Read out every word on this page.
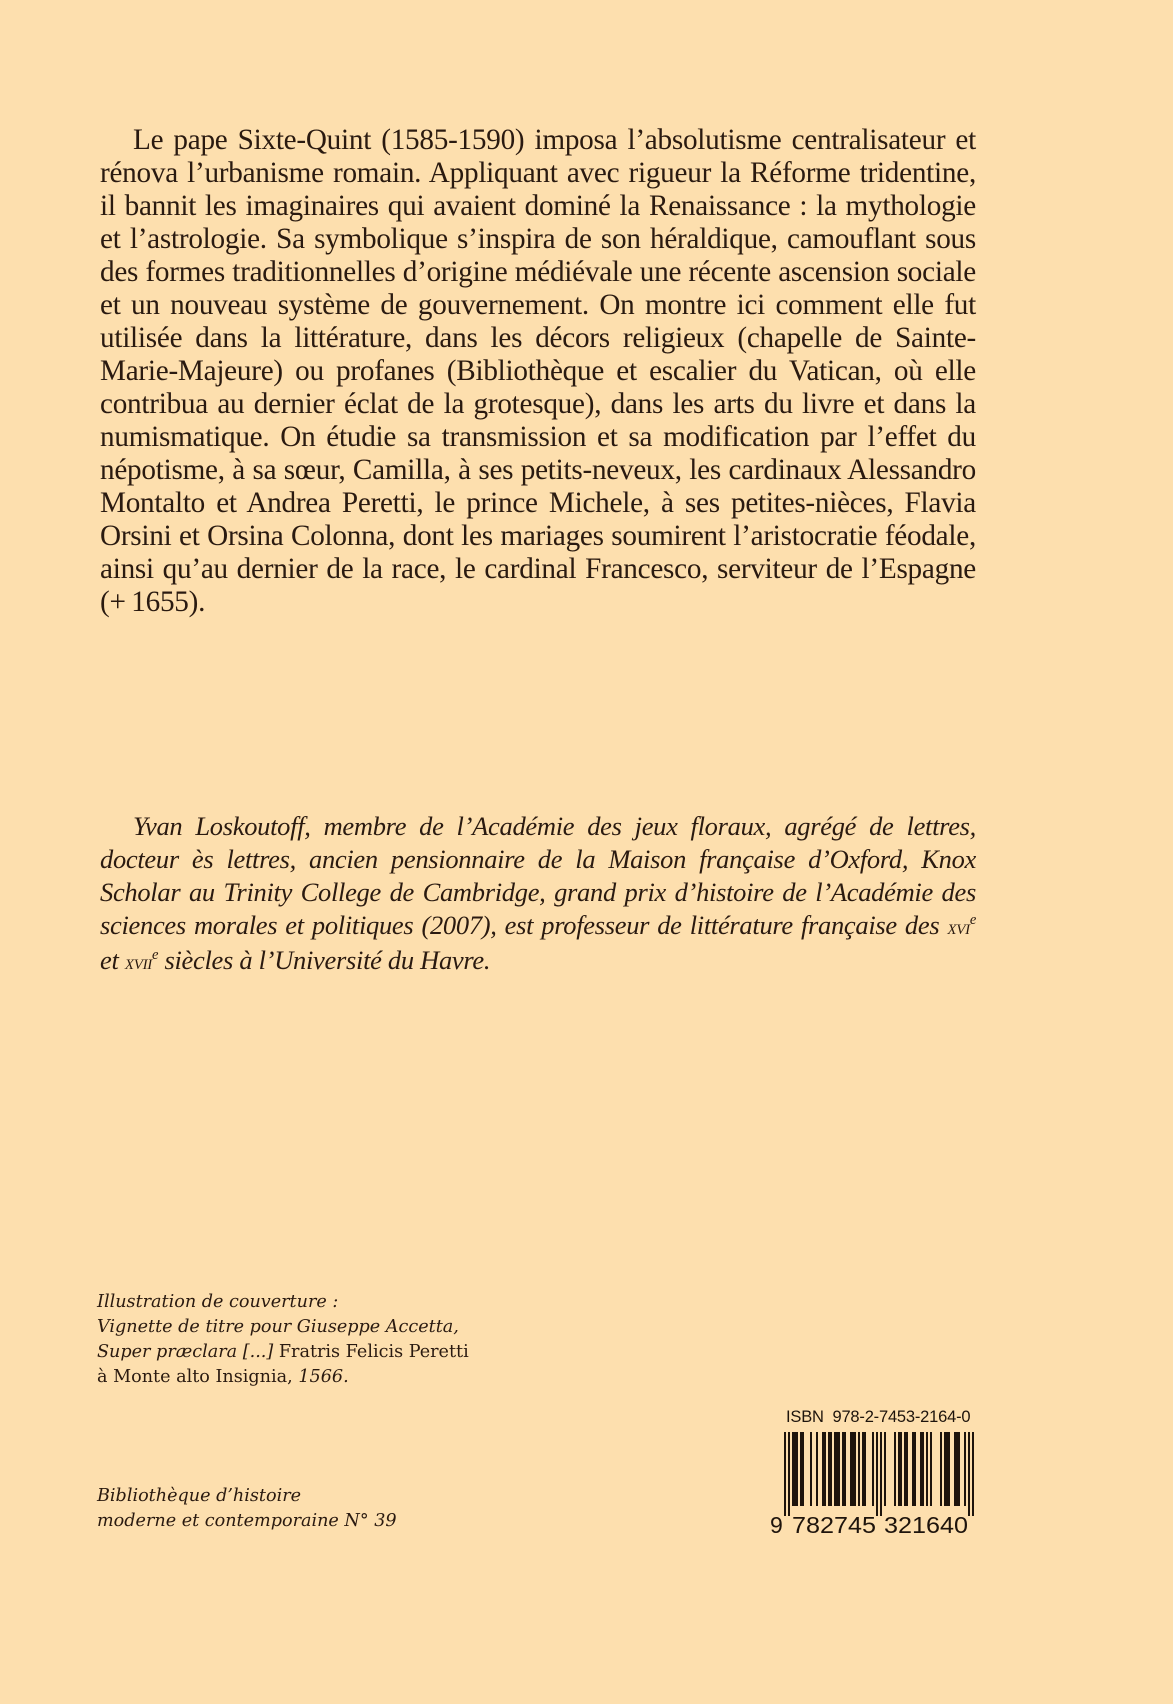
Le pape Sixte-Quint (1585-1590) imposa l’absolutisme centralisateur et rénova l’urbanisme romain. Appliquant avec rigueur la Réforme tridentine, il bannit les imaginaires qui avaient dominé la Renaissance : la mythologie et l’astrologie. Sa symbolique s’inspira de son héraldique, camouflant sous des formes traditionnelles d’origine médiévale une récente ascension sociale et un nouveau système de gouvernement. On montre ici comment elle fut utilisée dans la littérature, dans les décors religieux (chapelle de Sainte-Marie-Majeure) ou profanes (Bibliothèque et escalier du Vatican, où elle contribua au dernier éclat de la grotesque), dans les arts du livre et dans la numismatique. On étudie sa transmission et sa modification par l’effet du népotisme, à sa sœur, Camilla, à ses petits-neveux, les cardinaux Alessandro Montalto et Andrea Peretti, le prince Michele, à ses petites-​nièces, Flavia Orsini et Orsina Colonna, dont les mariages soumirent l’aristocratie féodale, ainsi qu’au dernier de la race, le cardinal Francesco, serviteur de l’Espagne (+ 1655).

Yvan Loskoutoff, membre de l’Académie des jeux floraux, agrégé de lettres, docteur ès lettres, ancien pensionnaire de la Maison française d’Oxford, Knox Scholar au Trinity College de Cambridge, grand prix d’histoire de l’Académie des sciences morales et politiques (2007), est professeur de littérature française des xvi$^e$ et xvii$^e$ siècles à l’Université du Havre.

Illustration de couverture :
Vignette de titre pour Giuseppe Accetta,
Super præclara [...] Fratris Felicis Peretti
à Monte alto Insignia, 1566.

Bibliothèque d’histoire
moderne et contemporaine N° 39

ISBN  978-2-7453-2164-0
9 782745 321640
